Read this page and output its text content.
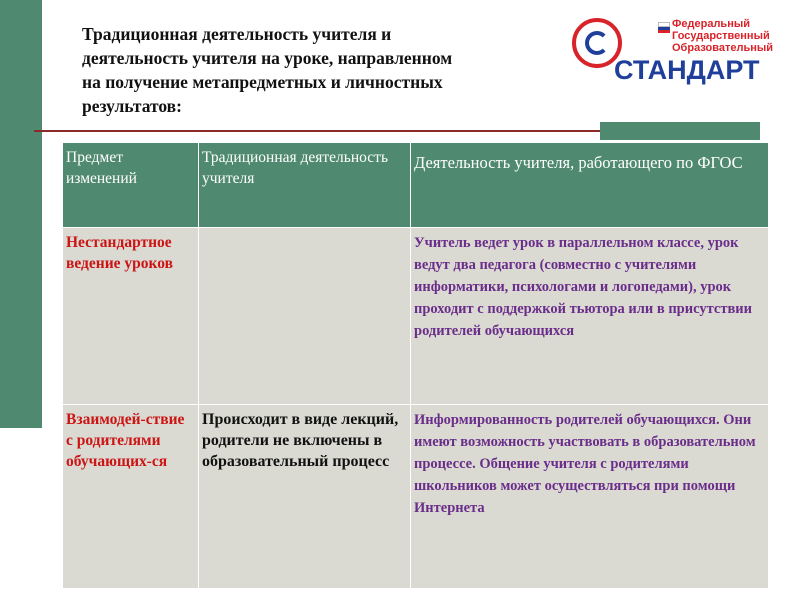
Традиционная деятельность учителя и
деятельность учителя на уроке, направленном
на получение метапредметных и личностных
результатов:

Федеральный
Государственный
Образовательный

СТАНДАРТ

Предмет изменений	Традиционная деятельность учителя	Деятельность учителя, работающего по ФГОС
Нестандартное ведение уроков		Учитель ведет урок в параллельном классе, урок ведут два педагога (совместно с учителями информатики, психологами и логопедами), урок проходит с поддержкой тьютора или в присутствии родителей обучающихся
Взаимодей-ствие с родителями обучающих-ся	Происходит в виде лекций, родители не включены в образовательный процесс	Информированность родителей обучающихся. Они имеют возможность участвовать в образовательном процессе. Общение учителя с родителями школьников может осуществляться при помощи Интернета
